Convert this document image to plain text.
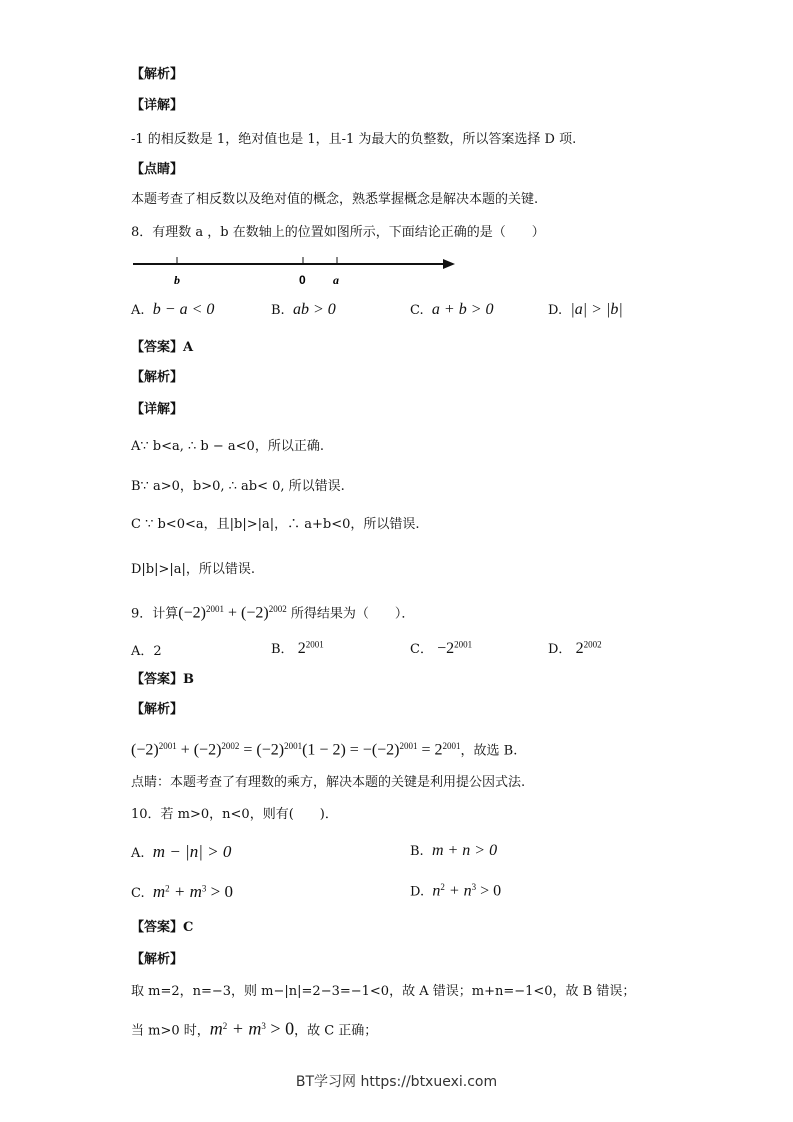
【解析】
【详解】
-1 的相反数是 1，绝对值也是 1，且-1 为最大的负整数，所以答案选择 D 项.
【点睛】
本题考查了相反数以及绝对值的概念，熟悉掌握概念是解决本题的关键.
8．有理数 a ，b 在数轴上的位置如图所示，下面结论正确的是（　　）
b	0 a
A. b − a < 0	B. ab > 0	C. a + b > 0	D. |a| > |b|
【答案】A
【解析】
【详解】
A∵ b<a, ∴ b − a<0，所以正确.
B∵ a>0，b>0, ∴ ab< 0, 所以错误.
C ∵ b<0<a，且|b|>|a|，∴ a+b<0，所以错误.
D|b|>|a|，所以错误.
9．计算$(-2)^{2001} + (-2)^{2002}$ 所得结果为（　　）．
A．2	B． $2^{2001}$	C． $-2^{2001}$	D． $2^{2002}$
【答案】B
【解析】
$(-2)^{2001} + (-2)^{2002} = (-2)^{2001}(1 - 2) = -(-2)^{2001} = 2^{2001}$，故选 B.
点睛：本题考查了有理数的乘方，解决本题的关键是利用提公因式法.
10．若 m>0，n<0，则有(　　)．
A. m − |n| > 0	B. m + n > 0
C. $m^2 + m^3 > 0$	D. $n^2 + n^3 > 0$
【答案】C
【解析】
取 m=2，n=−3，则 m−|n|=2−3=−1<0，故 A 错误；m+n=−1<0，故 B 错误；
当 m>0 时，$m^2 + m^3 > 0$，故 C 正确；
BT学习网 https://btxuexi.com
